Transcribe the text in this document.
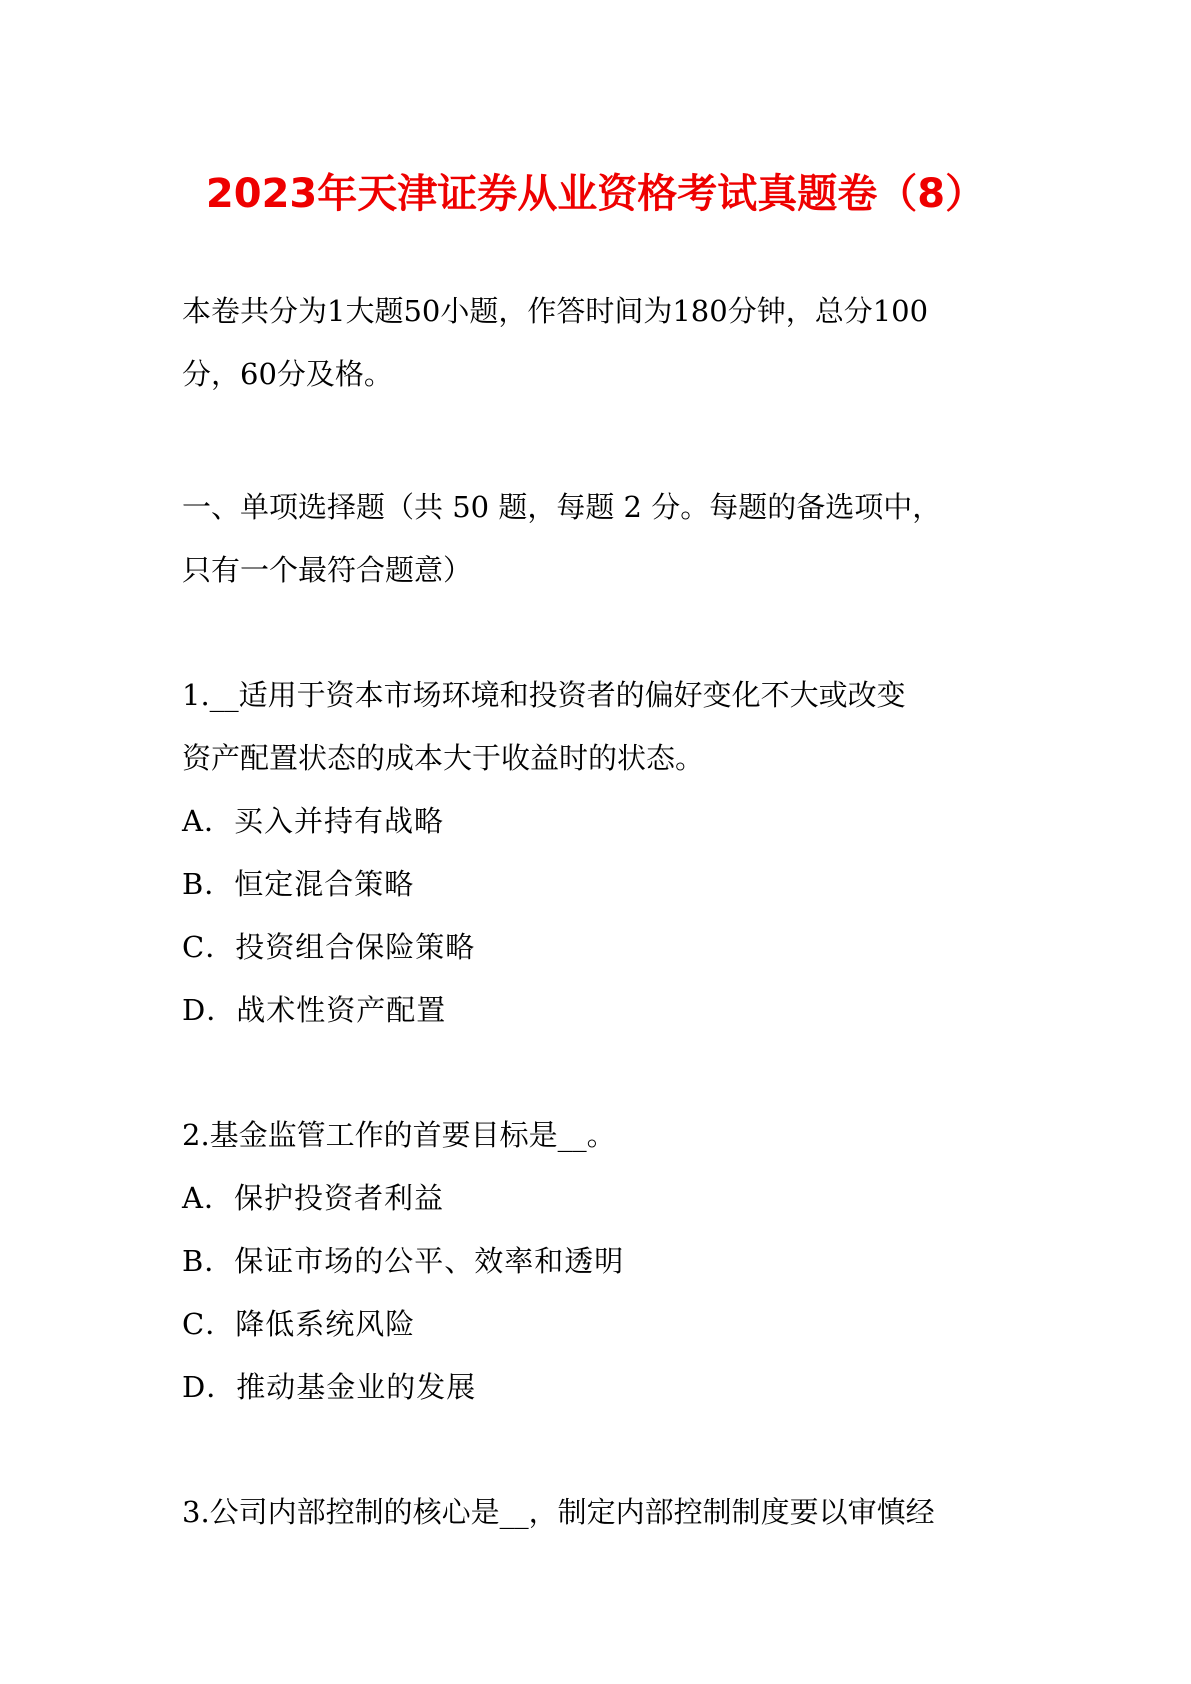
2023年天津证券从业资格考试真题卷（8）
本卷共分为1大题50小题，作答时间为180分钟，总分100
分，60分及格。
一、单项选择题（共 50 题，每题 2 分。每题的备选项中，
只有一个最符合题意）
1.__适用于资本市场环境和投资者的偏好变化不大或改变
资产配置状态的成本大于收益时的状态。
A．买入并持有战略
B．恒定混合策略
C．投资组合保险策略
D．战术性资产配置
2.基金监管工作的首要目标是__。
A．保护投资者利益
B．保证市场的公平、效率和透明
C．降低系统风险
D．推动基金业的发展
3.公司内部控制的核心是__，制定内部控制制度要以审慎经
